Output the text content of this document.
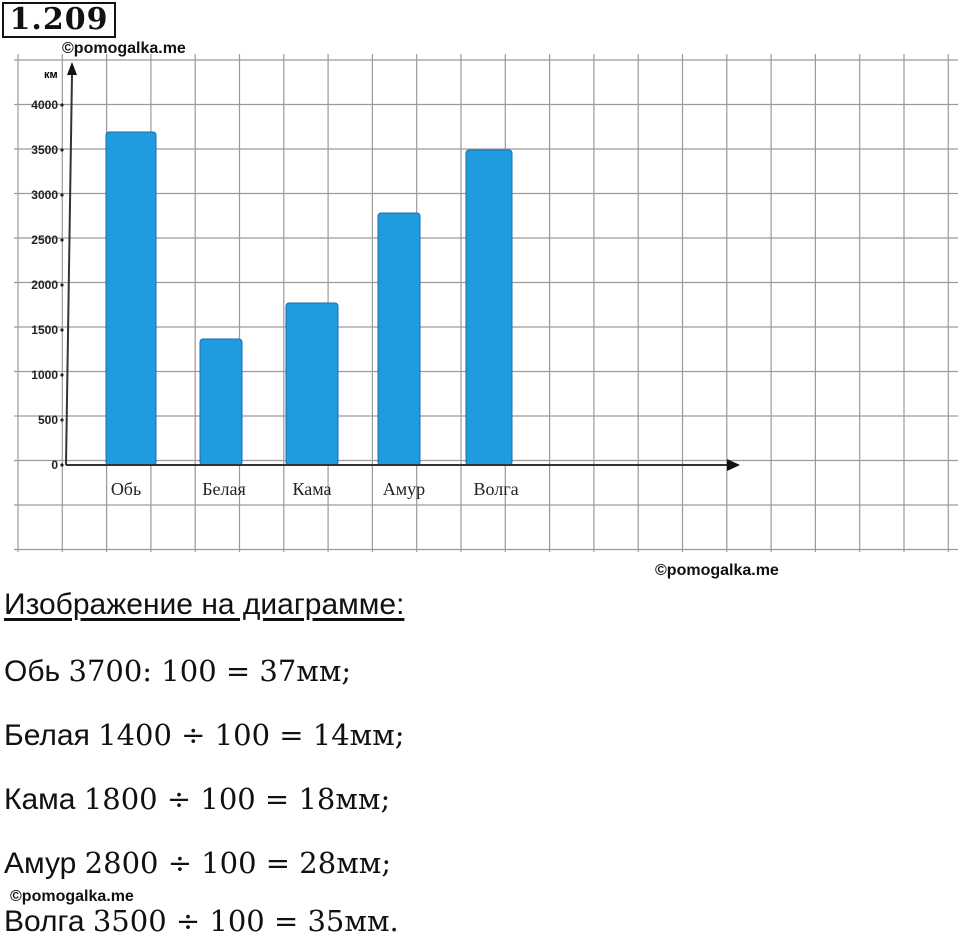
1.209
©pomogalka.me
км
0
500
1000
1500
2000
2500
3000
3500
4000
Обь	Белая	Кама	Амур	Волга
©pomogalka.me
Изображение на диаграмме:
Обь 3700: 100 = 37мм;
Белая 1400 ÷ 100 = 14мм;
Кама 1800 ÷ 100 = 18мм;
Амур 2800 ÷ 100 = 28мм;
©pomogalka.me
Волга 3500 ÷ 100 = 35мм.
